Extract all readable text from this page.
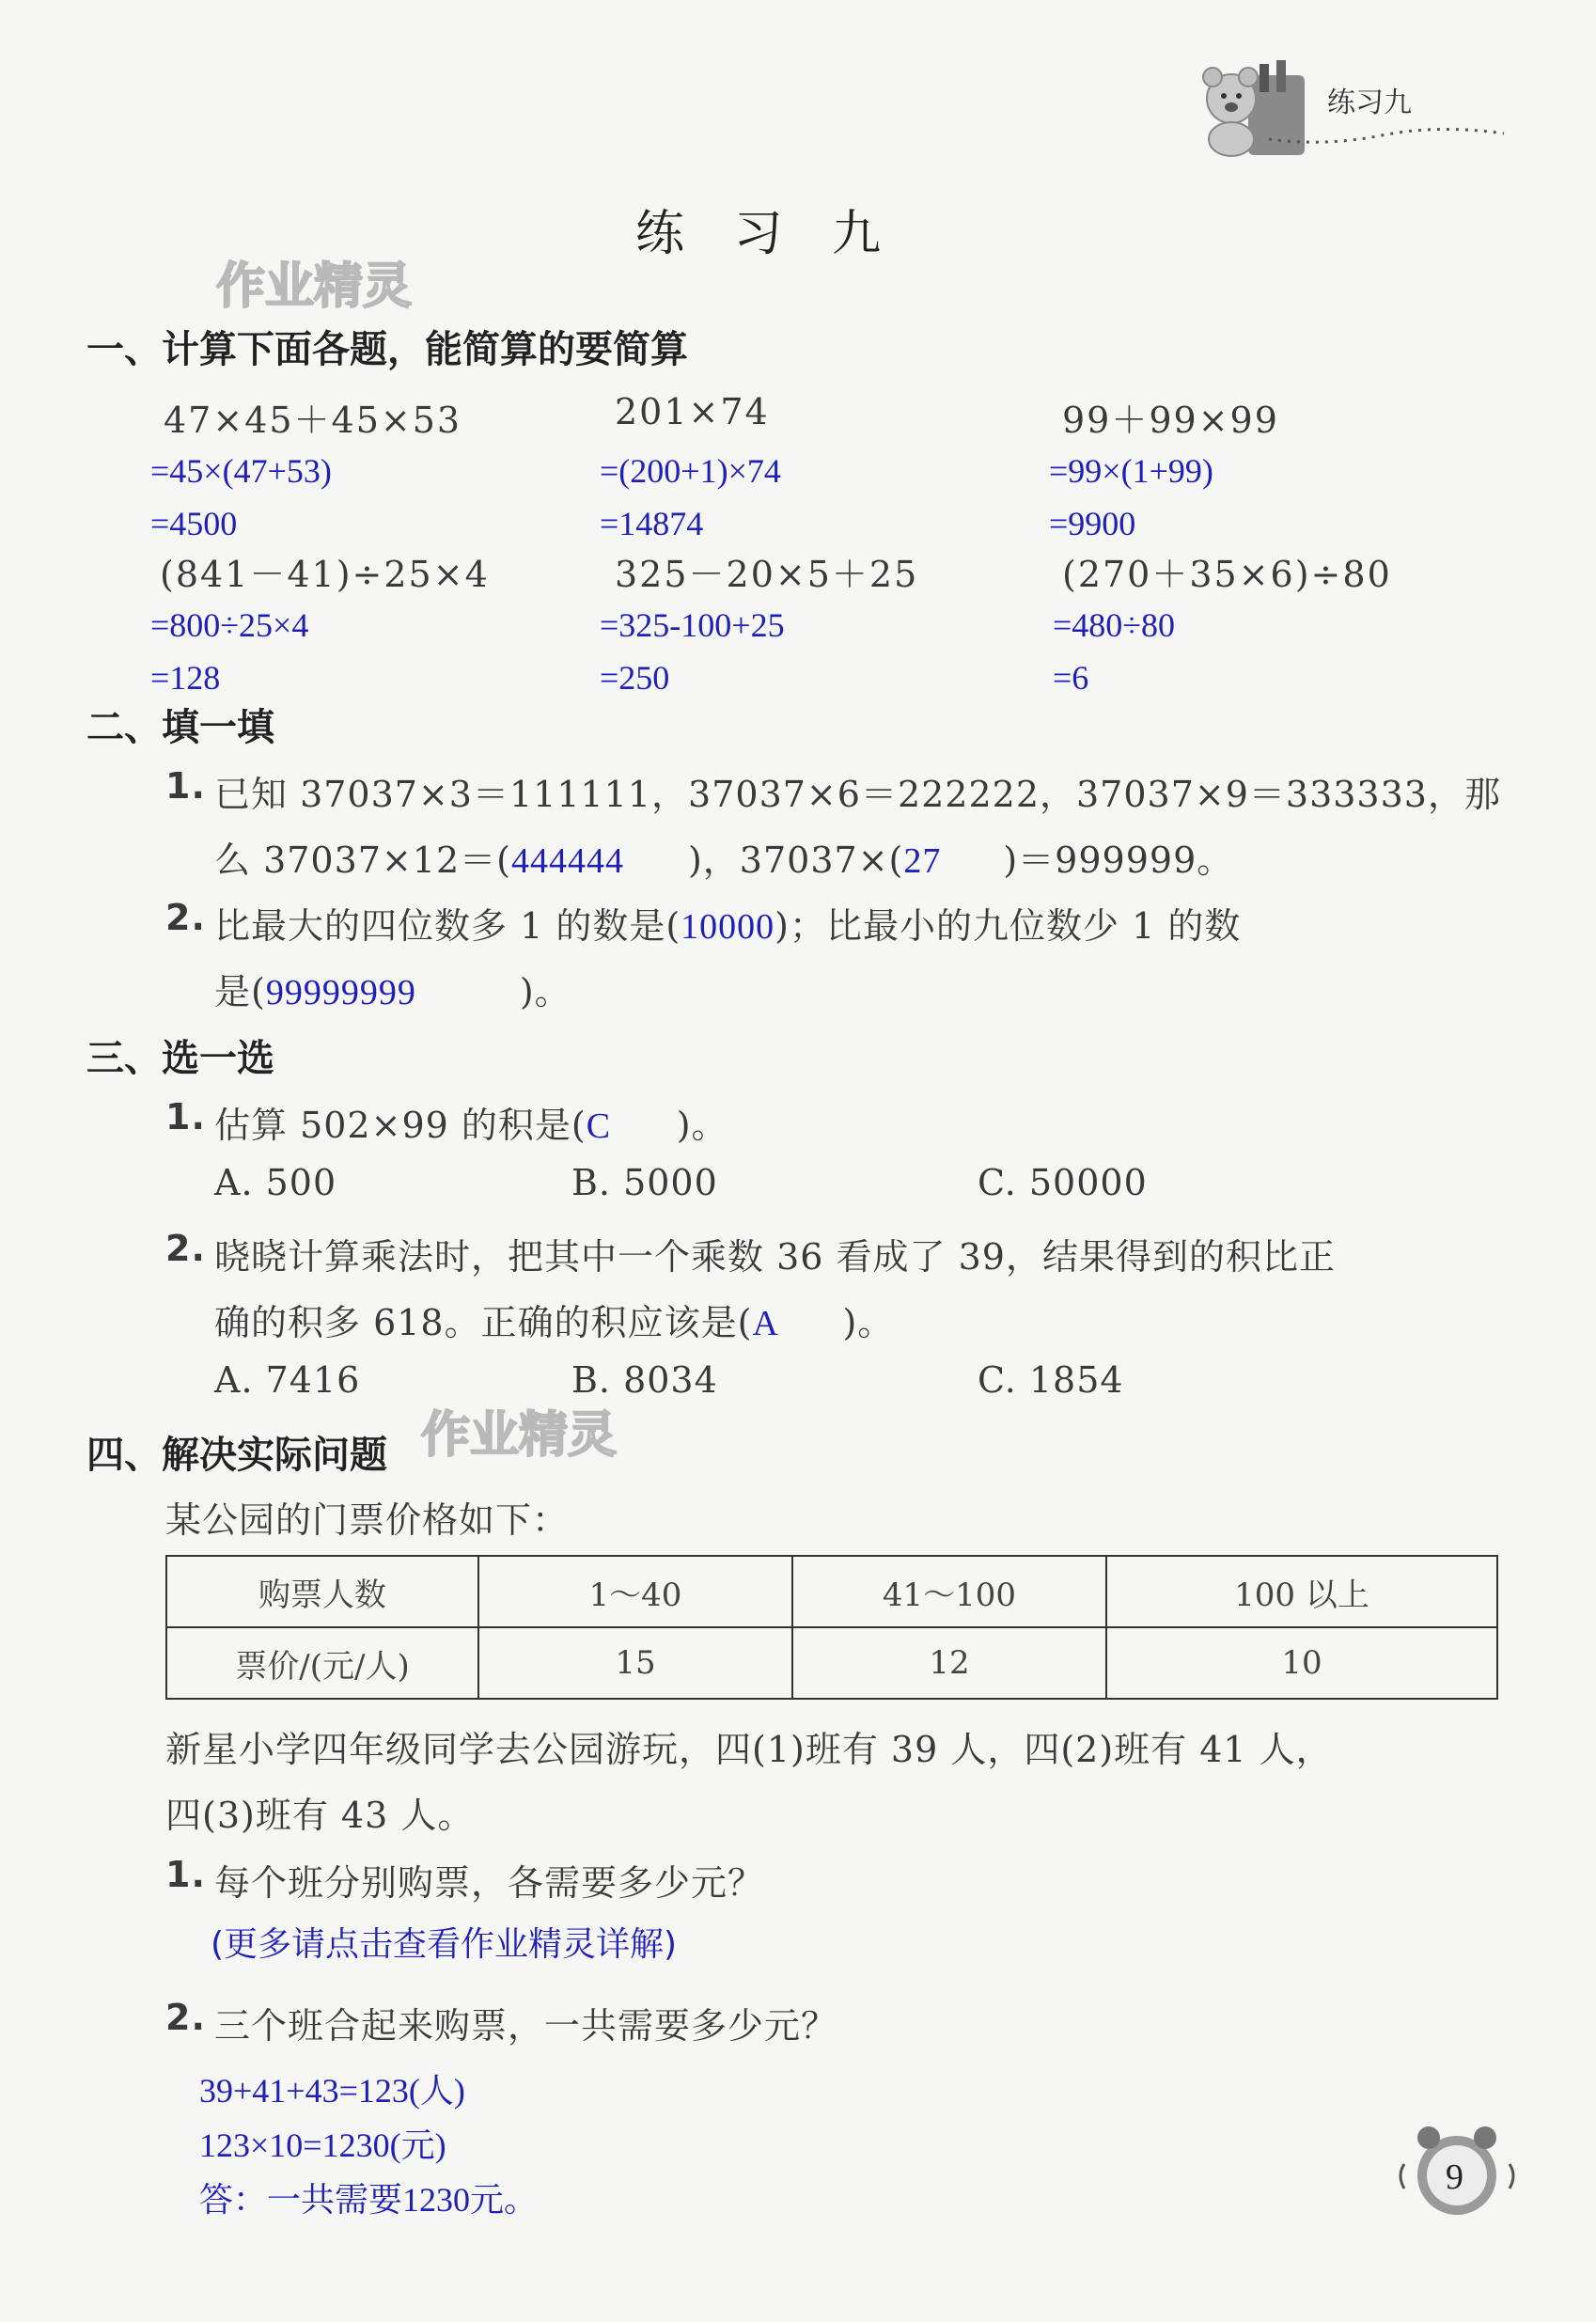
练习九
练 习 九
作业精灵
作业精灵
一、计算下面各题，能简算的要简算
47×45＋45×53	201×74	99＋99×99
=45×(47+53)	=(200+1)×74	=99×(1+99)
=4500	=14874	=9900
(841－41)÷25×4	325－20×5＋25	(270＋35×6)÷80
=800÷25×4	=325-100+25	=480÷80
=128	=250	=6
二、填一填
1. 已知 37037×3＝111111，37037×6＝222222，37037×9＝333333，那
么 37037×12＝(444444 )，37037×(27 )＝999999。
2. 比最大的四位数多 1 的数是(10000)；比最小的九位数少 1 的数
是(99999999	)。
三、选一选
1. 估算 502×99 的积是(C )。
A. 500	B. 5000	C. 50000
2. 晓晓计算乘法时，把其中一个乘数 36 看成了 39，结果得到的积比正
确的积多 618。正确的积应该是(A )。
A. 7416	B. 8034	C. 1854
四、解决实际问题
某公园的门票价格如下：
购票人数	1～40	41～100	100 以上
票价/(元/人)	15	12	10
新星小学四年级同学去公园游玩，四(1)班有 39 人，四(2)班有 41 人，
四(3)班有 43 人。
1. 每个班分别购票，各需要多少元？
(更多请点击查看作业精灵详解)
2. 三个班合起来购票，一共需要多少元？
39+41+43=123(人)
123×10=1230(元)
答：一共需要1230元。
9
